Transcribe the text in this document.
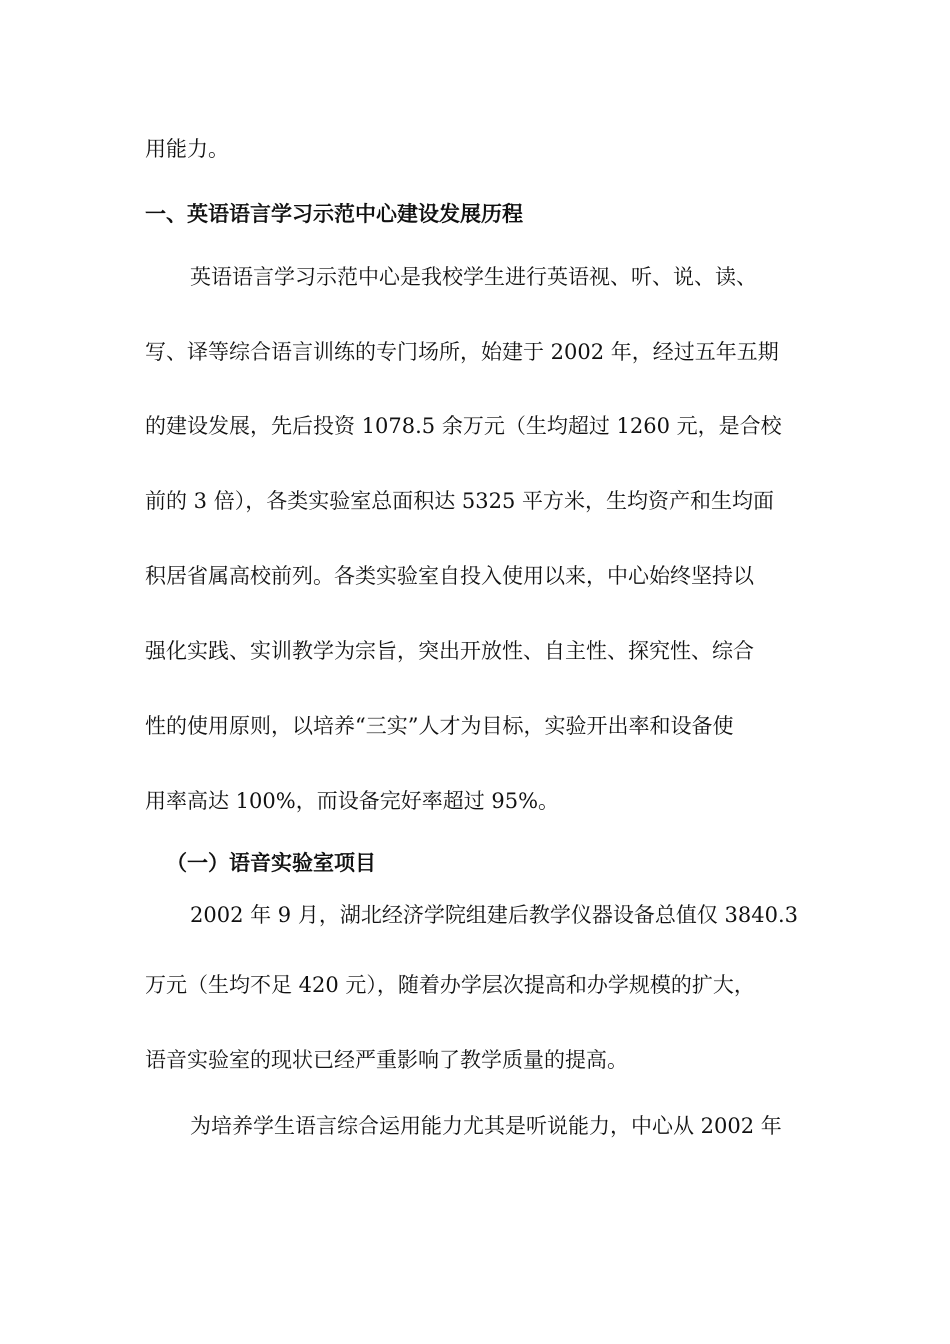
用能力。
一、英语语言学习示范中心建设发展历程
英语语言学习示范中心是我校学生进行英语视、听、说、读、
写、译等综合语言训练的专门场所，始建于 2002 年，经过五年五期
的建设发展，先后投资 1078.5 余万元（生均超过 1260 元，是合校
前的 3 倍），各类实验室总面积达 5325 平方米，生均资产和生均面
积居省属高校前列。各类实验室自投入使用以来，中心始终坚持以
强化实践、实训教学为宗旨，突出开放性、自主性、探究性、综合
性的使用原则，以培养“三实”人才为目标，实验开出率和设备使
用率高达 100%，而设备完好率超过 95%。
（一）语音实验室项目
2002 年 9 月，湖北经济学院组建后教学仪器设备总值仅 3840.3
万元（生均不足 420 元），随着办学层次提高和办学规模的扩大，
语音实验室的现状已经严重影响了教学质量的提高。
为培养学生语言综合运用能力尤其是听说能力，中心从 2002 年
